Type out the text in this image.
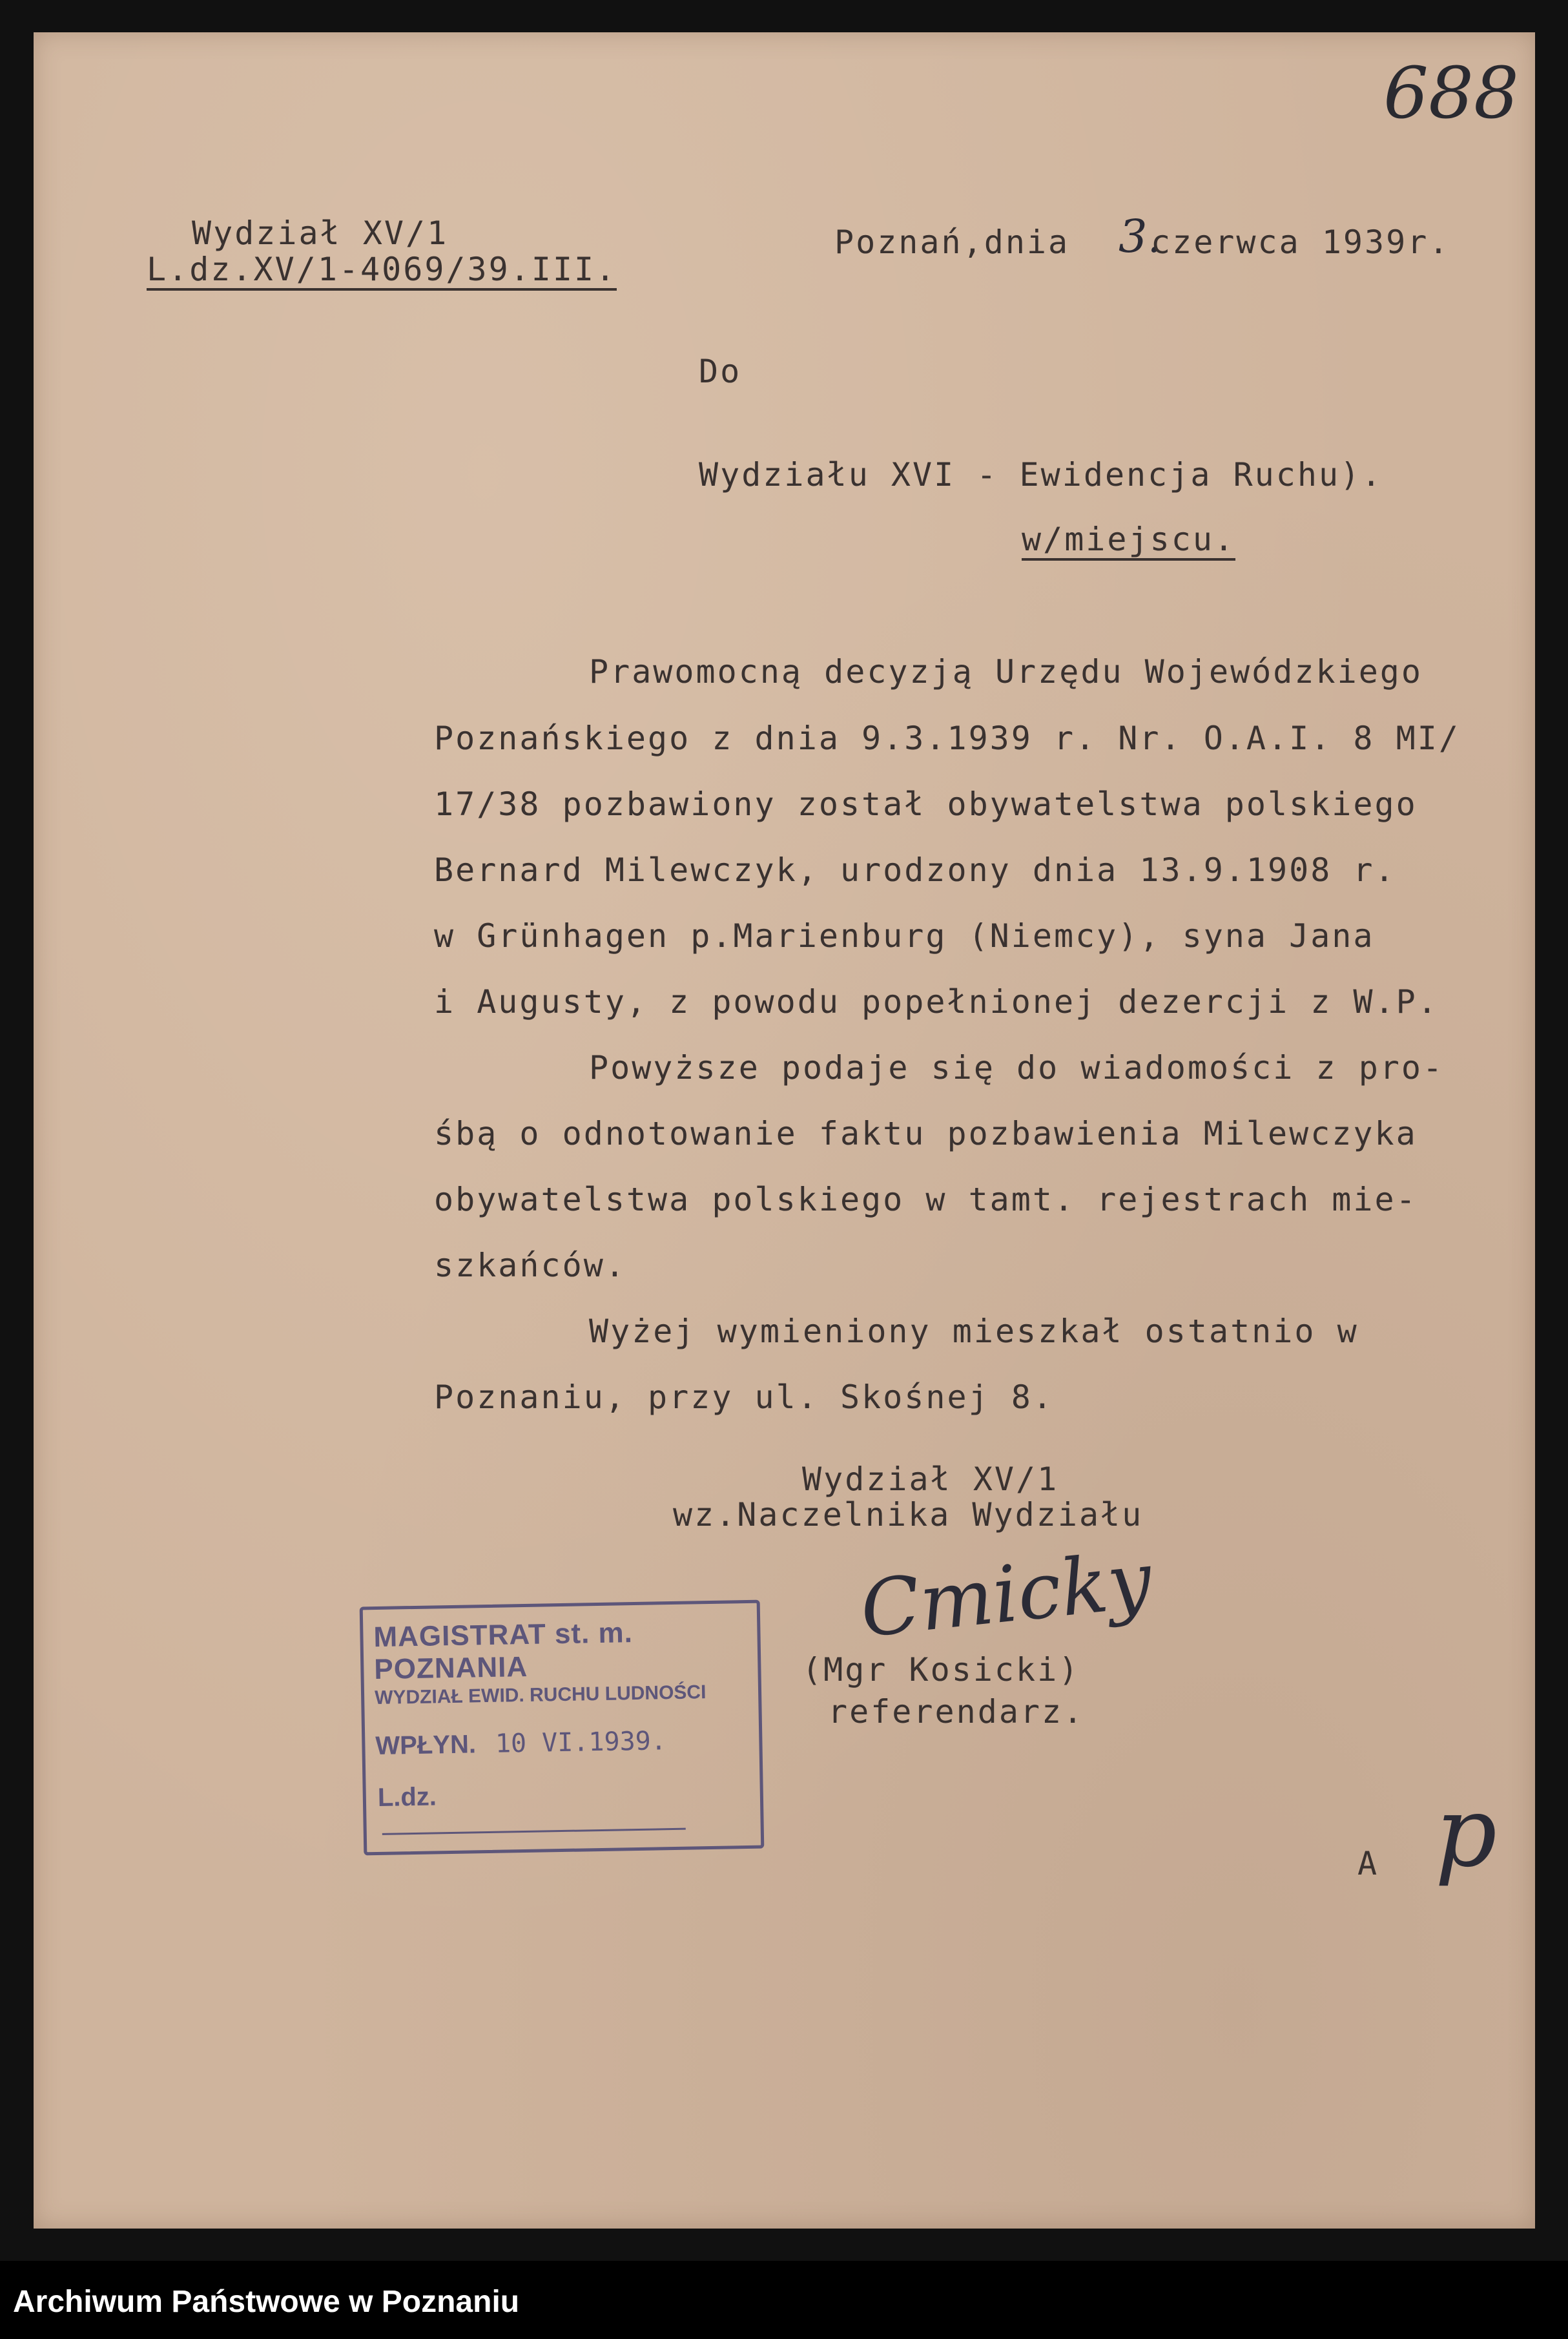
688
Wydział XV/1
L.dz.XV/1-4069/39.III.
Poznań,dnia 3.
czerwca 1939r.
Do
Wydziału XVI - Ewidencja Ruchu).
w/miejscu.
Prawomocną decyzją Urzędu Wojewódzkiego
Poznańskiego z dnia 9.3.1939 r. Nr. O.A.I. 8 MI/
17/38 pozbawiony został obywatelstwa polskiego
Bernard Milewczyk, urodzony dnia 13.9.1908 r.
w Grünhagen p.Marienburg (Niemcy), syna Jana
i Augusty, z powodu popełnionej dezercji z W.P.
Powyższe podaje się do wiadomości z pro-
śbą o odnotowanie faktu pozbawienia Milewczyka
obywatelstwa polskiego w tamt. rejestrach mie-
szkańców.
Wyżej wymieniony mieszkał ostatnio w
Poznaniu, przy ul. Skośnej 8.
Wydział XV/1
wz.Naczelnika Wydziału
Cmicky
(Mgr Kosicki)
referendarz.
MAGISTRAT st. m. POZNANIA
WYDZIAŁ EWID. RUCHU LUDNOŚCI
WPŁYN. 10 VI.1939.
L.dz.
A p
Archiwum Państwowe w Poznaniu
